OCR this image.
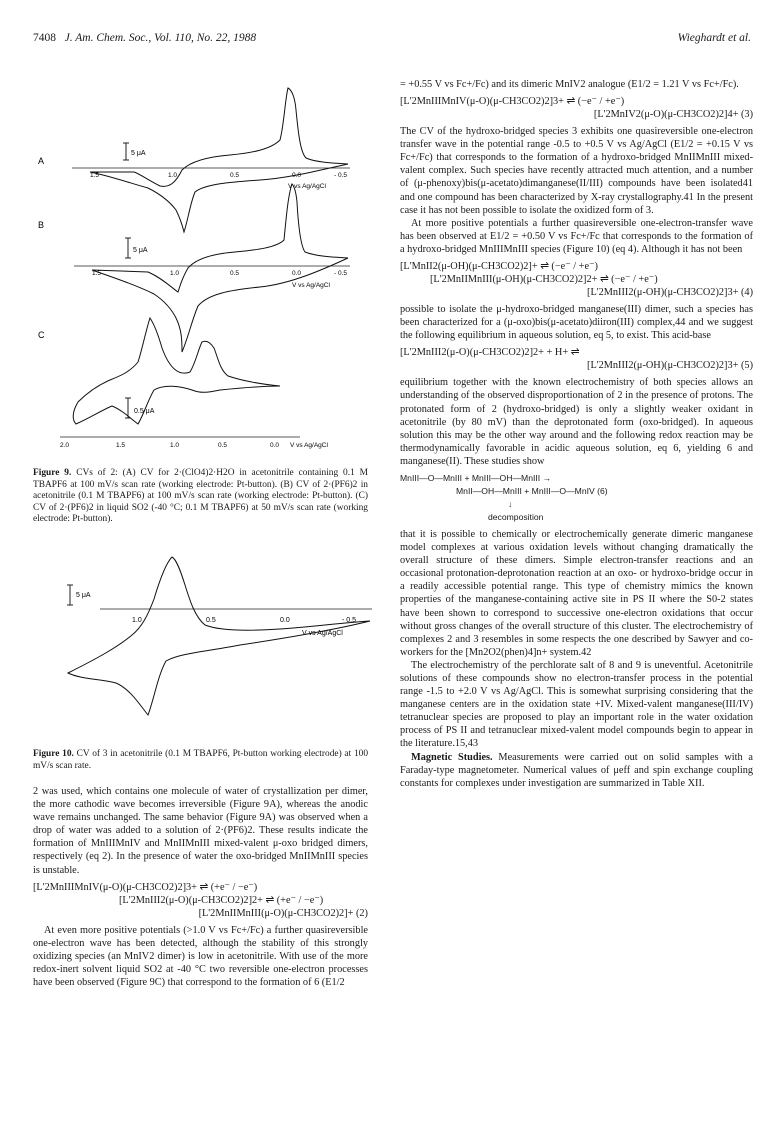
7408 J. Am. Chem. Soc., Vol. 110, No. 22, 1988	Wieghardt et al.
A
5 μA
1.5	1.0	0.5	0.0	- 0.5
V vs Ag/AgCl
B
5 μA
1.5	1.0	0.5	0.0	- 0.5
V vs Ag/AgCl
C
0.5 μA
2.0	1.5	1.0	0.5	0.0 V vs Ag/AgCl

Figure 9. CVs of 2: (A) CV for 2·(ClO4)2·H2O in acetonitrile containing 0.1 M TBAPF6 at 100 mV/s scan rate (working electrode: Pt-button). (B) CV of 2·(PF6)2 in acetonitrile (0.1 M TBAPF6) at 100 mV/s scan rate (working electrode: Pt-button). (C) CV of 2·(PF6)2 in liquid SO2 (-40 °C; 0.1 M TBAPF6) at 50 mV/s scan rate (working electrode: Pt-button).

5 μA
1.0	0.5	0.0	- 0.5
V vs Ag/AgCl

Figure 10. CV of 3 in acetonitrile (0.1 M TBAPF6, Pt-button working electrode) at 100 mV/s scan rate.

2 was used, which contains one molecule of water of crystallization per dimer, the more cathodic wave becomes irreversible (Figure 9A), whereas the anodic wave remains unchanged. The same behavior (Figure 9A) was observed when a drop of water was added to a solution of 2·(PF6)2. These results indicate the formation of MnIIIMnIV and MnIIMnIII mixed-valent μ-oxo bridged dimers, respectively (eq 2). In the presence of water the oxo-bridged MnIIMnIII species is unstable.

[L'2MnIIIMnIV(μ-O)(μ-CH3CO2)2]3+ ⇌ (+e⁻ / −e⁻)
[L'2MnIII2(μ-O)(μ-CH3CO2)2]2+ ⇌ (+e⁻ / −e⁻)
[L'2MnIIMnIII(μ-O)(μ-CH3CO2)2]+ (2)

At even more positive potentials (>1.0 V vs Fc+/Fc) a further quasireversible one-electron wave has been detected, although the stability of this strongly oxidizing species (an MnIV2 dimer) is low in acetonitrile. With use of the more redox-inert solvent liquid SO2 at -40 °C two reversible one-electron processes have been observed (Figure 9C) that correspond to the formation of 6 (E1/2

= +0.55 V vs Fc+/Fc) and its dimeric MnIV2 analogue (E1/2 = 1.21 V vs Fc+/Fc).

[L'2MnIIIMnIV(μ-O)(μ-CH3CO2)2]3+ ⇌ (−e⁻ / +e⁻)
[L'2MnIV2(μ-O)(μ-CH3CO2)2]4+ (3)

The CV of the hydroxo-bridged species 3 exhibits one quasireversible one-electron transfer wave in the potential range -0.5 to +0.5 V vs Ag/AgCl (E1/2 = +0.15 V vs Fc+/Fc) that corresponds to the formation of a hydroxo-bridged MnIIMnIII mixed-valent complex. Such species have recently attracted much attention, and a number of (μ-phenoxy)bis(μ-acetato)dimanganese(II/III) compounds have been isolated41 and one compound has been characterized by X-ray crystallography.41 In the present case it has not been possible to isolate the oxidized form of 3.

At more positive potentials a further quasireversible one-electron-transfer wave has been observed at E1/2 = +0.50 V vs Fc+/Fc that corresponds to the formation of a hydroxo-bridged MnIIIMnIII species (Figure 10) (eq 4). Although it has not been

[L'MnII2(μ-OH)(μ-CH3CO2)2]+ ⇌ (−e⁻ / +e⁻)
[L'2MnIIMnIII(μ-OH)(μ-CH3CO2)2]2+ ⇌ (−e⁻ / +e⁻)
[L'2MnIII2(μ-OH)(μ-CH3CO2)2]3+ (4)

possible to isolate the μ-hydroxo-bridged manganese(III) dimer, such a species has been characterized for a (μ-oxo)bis(μ-acetato)diiron(III) complex,44 and we suggest the following equilibrium in aqueous solution, eq 5, to exist. This acid-base

[L'2MnIII2(μ-O)(μ-CH3CO2)2]2+ + H+ ⇌
[L'2MnIII2(μ-OH)(μ-CH3CO2)2]3+ (5)

equilibrium together with the known electrochemistry of both species allows an understanding of the observed disproportionation of 2 in the presence of protons. The protonated form of 2 (hydroxo-bridged) is only a slightly weaker oxidant in acetonitrile (by 80 mV) than the deprotonated form (oxo-bridged). In aqueous solution this may be the other way around and the following redox reaction may be thermodynamically favorable in acidic aqueous solution, eq 6, yielding 6 and manganese(II). These studies show

MnIII—O—MnIII + MnIII—OH—MnIII →
MnII—OH—MnIII + MnIII—O—MnIV (6)
↓
decomposition

that it is possible to chemically or electrochemically generate dimeric manganese model complexes at various oxidation levels without changing dramatically the overall structure of these dimers. Simple electron-transfer reactions and an occasional protonation-deprotonation reaction at an oxo- or hydroxo-bridge occur in a readily accessible potential range. This type of chemistry mimics the known properties of the manganese-containing active site in PS II where the S0-2 states have been shown to correspond to successive one-electron oxidations that occur without gross changes of the overall structure of this cluster. The electrochemistry of complexes 2 and 3 resembles in some respects the one described by Sawyer and co-workers for the [Mn2O2(phen)4]n+ system.42

The electrochemistry of the perchlorate salt of 8 and 9 is uneventful. Acetonitrile solutions of these compounds show no electron-transfer process in the potential range -1.5 to +2.0 V vs Ag/AgCl. This is somewhat surprising considering that the manganese centers are in the oxidation state +IV. Mixed-valent manganese(III/IV) tetranuclear species are proposed to play an important role in the water oxidation process of PS II and tetranuclear mixed-valent model compounds begin to appear in the literature.15,43

Magnetic Studies. Measurements were carried out on solid samples with a Faraday-type magnetometer. Numerical values of μeff and spin exchange coupling constants for complexes under investigation are summarized in Table XII.
